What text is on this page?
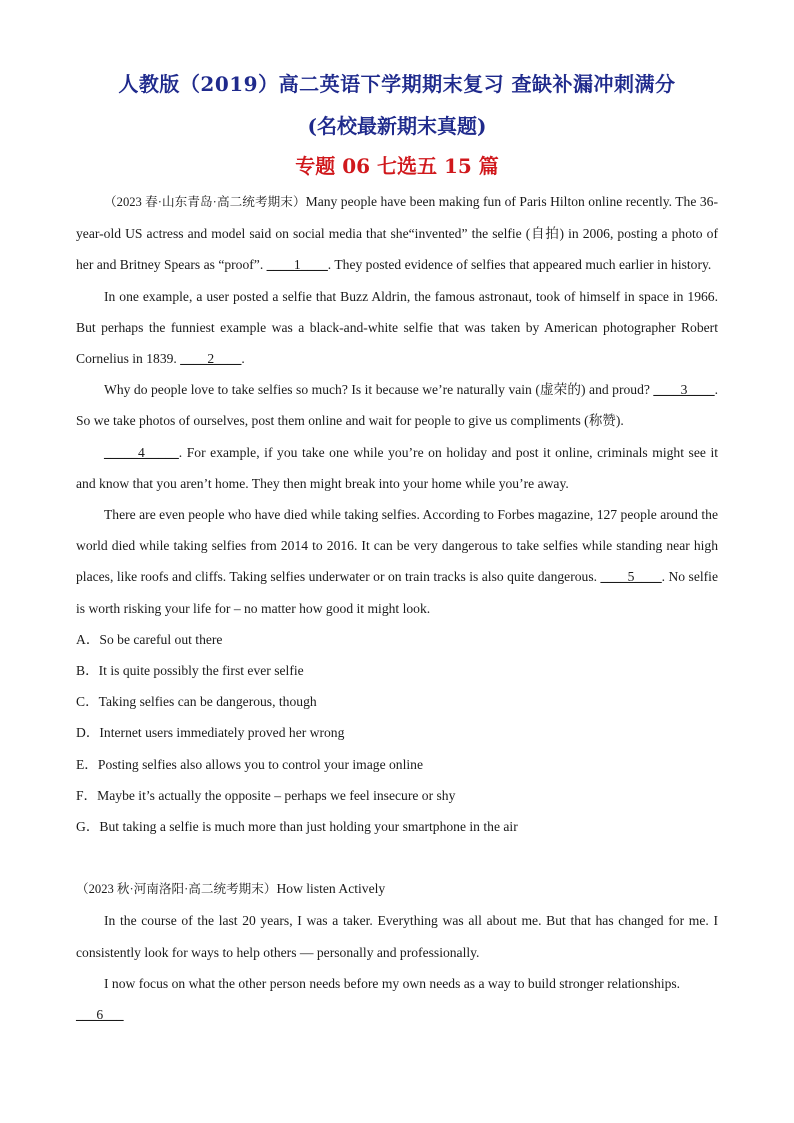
人教版（2019）高二英语下学期期末复习 查缺补漏冲刺满分
(名校最新期末真题)
专题 06 七选五 15 篇

（2023 春·山东青岛·高二统考期末）Many people have been making fun of Paris Hilton online recently. The 36-year-old US actress and model said on social media that she“invented” the selfie (自拍) in 2006, posting a photo of her and Britney Spears as “proof”. ____1____. They posted evidence of selfies that appeared much earlier in history.

In one example, a user posted a selfie that Buzz Aldrin, the famous astronaut, took of himself in space in 1966. But perhaps the funniest example was a black-and-white selfie that was taken by American photographer Robert Cornelius in 1839. ____2____.

Why do people love to take selfies so much? Is it because we’re naturally vain (虚荣的) and proud? ____3____. So we take photos of ourselves, post them online and wait for people to give us compliments (称赞).

_____4_____. For example, if you take one while you’re on holiday and post it online, criminals might see it and know that you aren’t home. They then might break into your home while you’re away.

There are even people who have died while taking selfies. According to Forbes magazine, 127 people around the world died while taking selfies from 2014 to 2016. It can be very dangerous to take selfies while standing near high places, like roofs and cliffs. Taking selfies underwater or on train tracks is also quite dangerous. ____5____. No selfie is worth risking your life for – no matter how good it might look.

A．So be careful out there

B．It is quite possibly the first ever selfie

C．Taking selfies can be dangerous, though

D．Internet users immediately proved her wrong

E．Posting selfies also allows you to control your image online

F．Maybe it’s actually the opposite – perhaps we feel insecure or shy

G．But taking a selfie is much more than just holding your smartphone in the air

（2023 秋·河南洛阳·高二统考期末）How listen Actively

In the course of the last 20 years, I was a taker. Everything was all about me. But that has changed for me. I consistently look for ways to help others — personally and professionally.

I now focus on what the other person needs before my own needs as a way to build stronger relationships.

___6___
